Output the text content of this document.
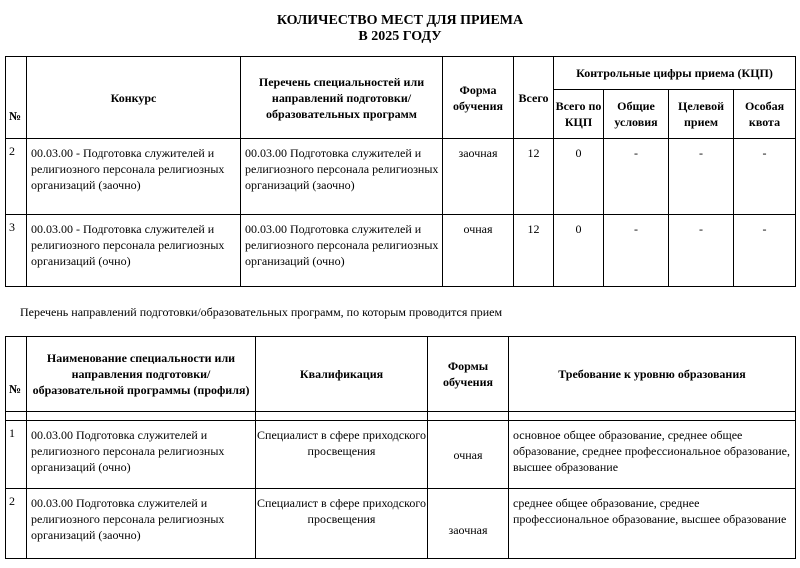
КОЛИЧЕСТВО МЕСТ ДЛЯ ПРИЕМА
В 2025 ГОДУ
№	Конкурс	Перечень специальностей или направлений подготовки/ образовательных программ	Форма обучения	Всего	Контрольные цифры приема (КЦП)			
					Всего по КЦП	Общие условия	Целевой прием	Особая квота
2	00.03.00 - Подготовка служителей и религиозного персонала религиозных организаций (заочно)	00.03.00 Подготовка служителей и религиозного персонала религиозных организаций (заочно)	заочная	12	0	-	-	-
3	00.03.00 - Подготовка служителей и религиозного персонала религиозных организаций (очно)	00.03.00 Подготовка служителей и религиозного персонала религиозных организаций (очно)	очная	12	0	-	-	-
Перечень направлений подготовки/образовательных программ, по которым проводится прием
№	Наименование специальности или направления подготовки/ образовательной программы (профиля)	Квалификация	Формы обучения	Требование к уровню образования

1	00.03.00 Подготовка служителей и религиозного персонала религиозных организаций (очно)	Специалист в сфере приходского просвещения	очная	основное общее образование, среднее общее образование, среднее профессиональное образование, высшее образование
2	00.03.00 Подготовка служителей и религиозного персонала религиозных организаций (заочно)	Специалист в сфере приходского просвещения	заочная	среднее общее образование, среднее профессиональное образование, высшее образование
